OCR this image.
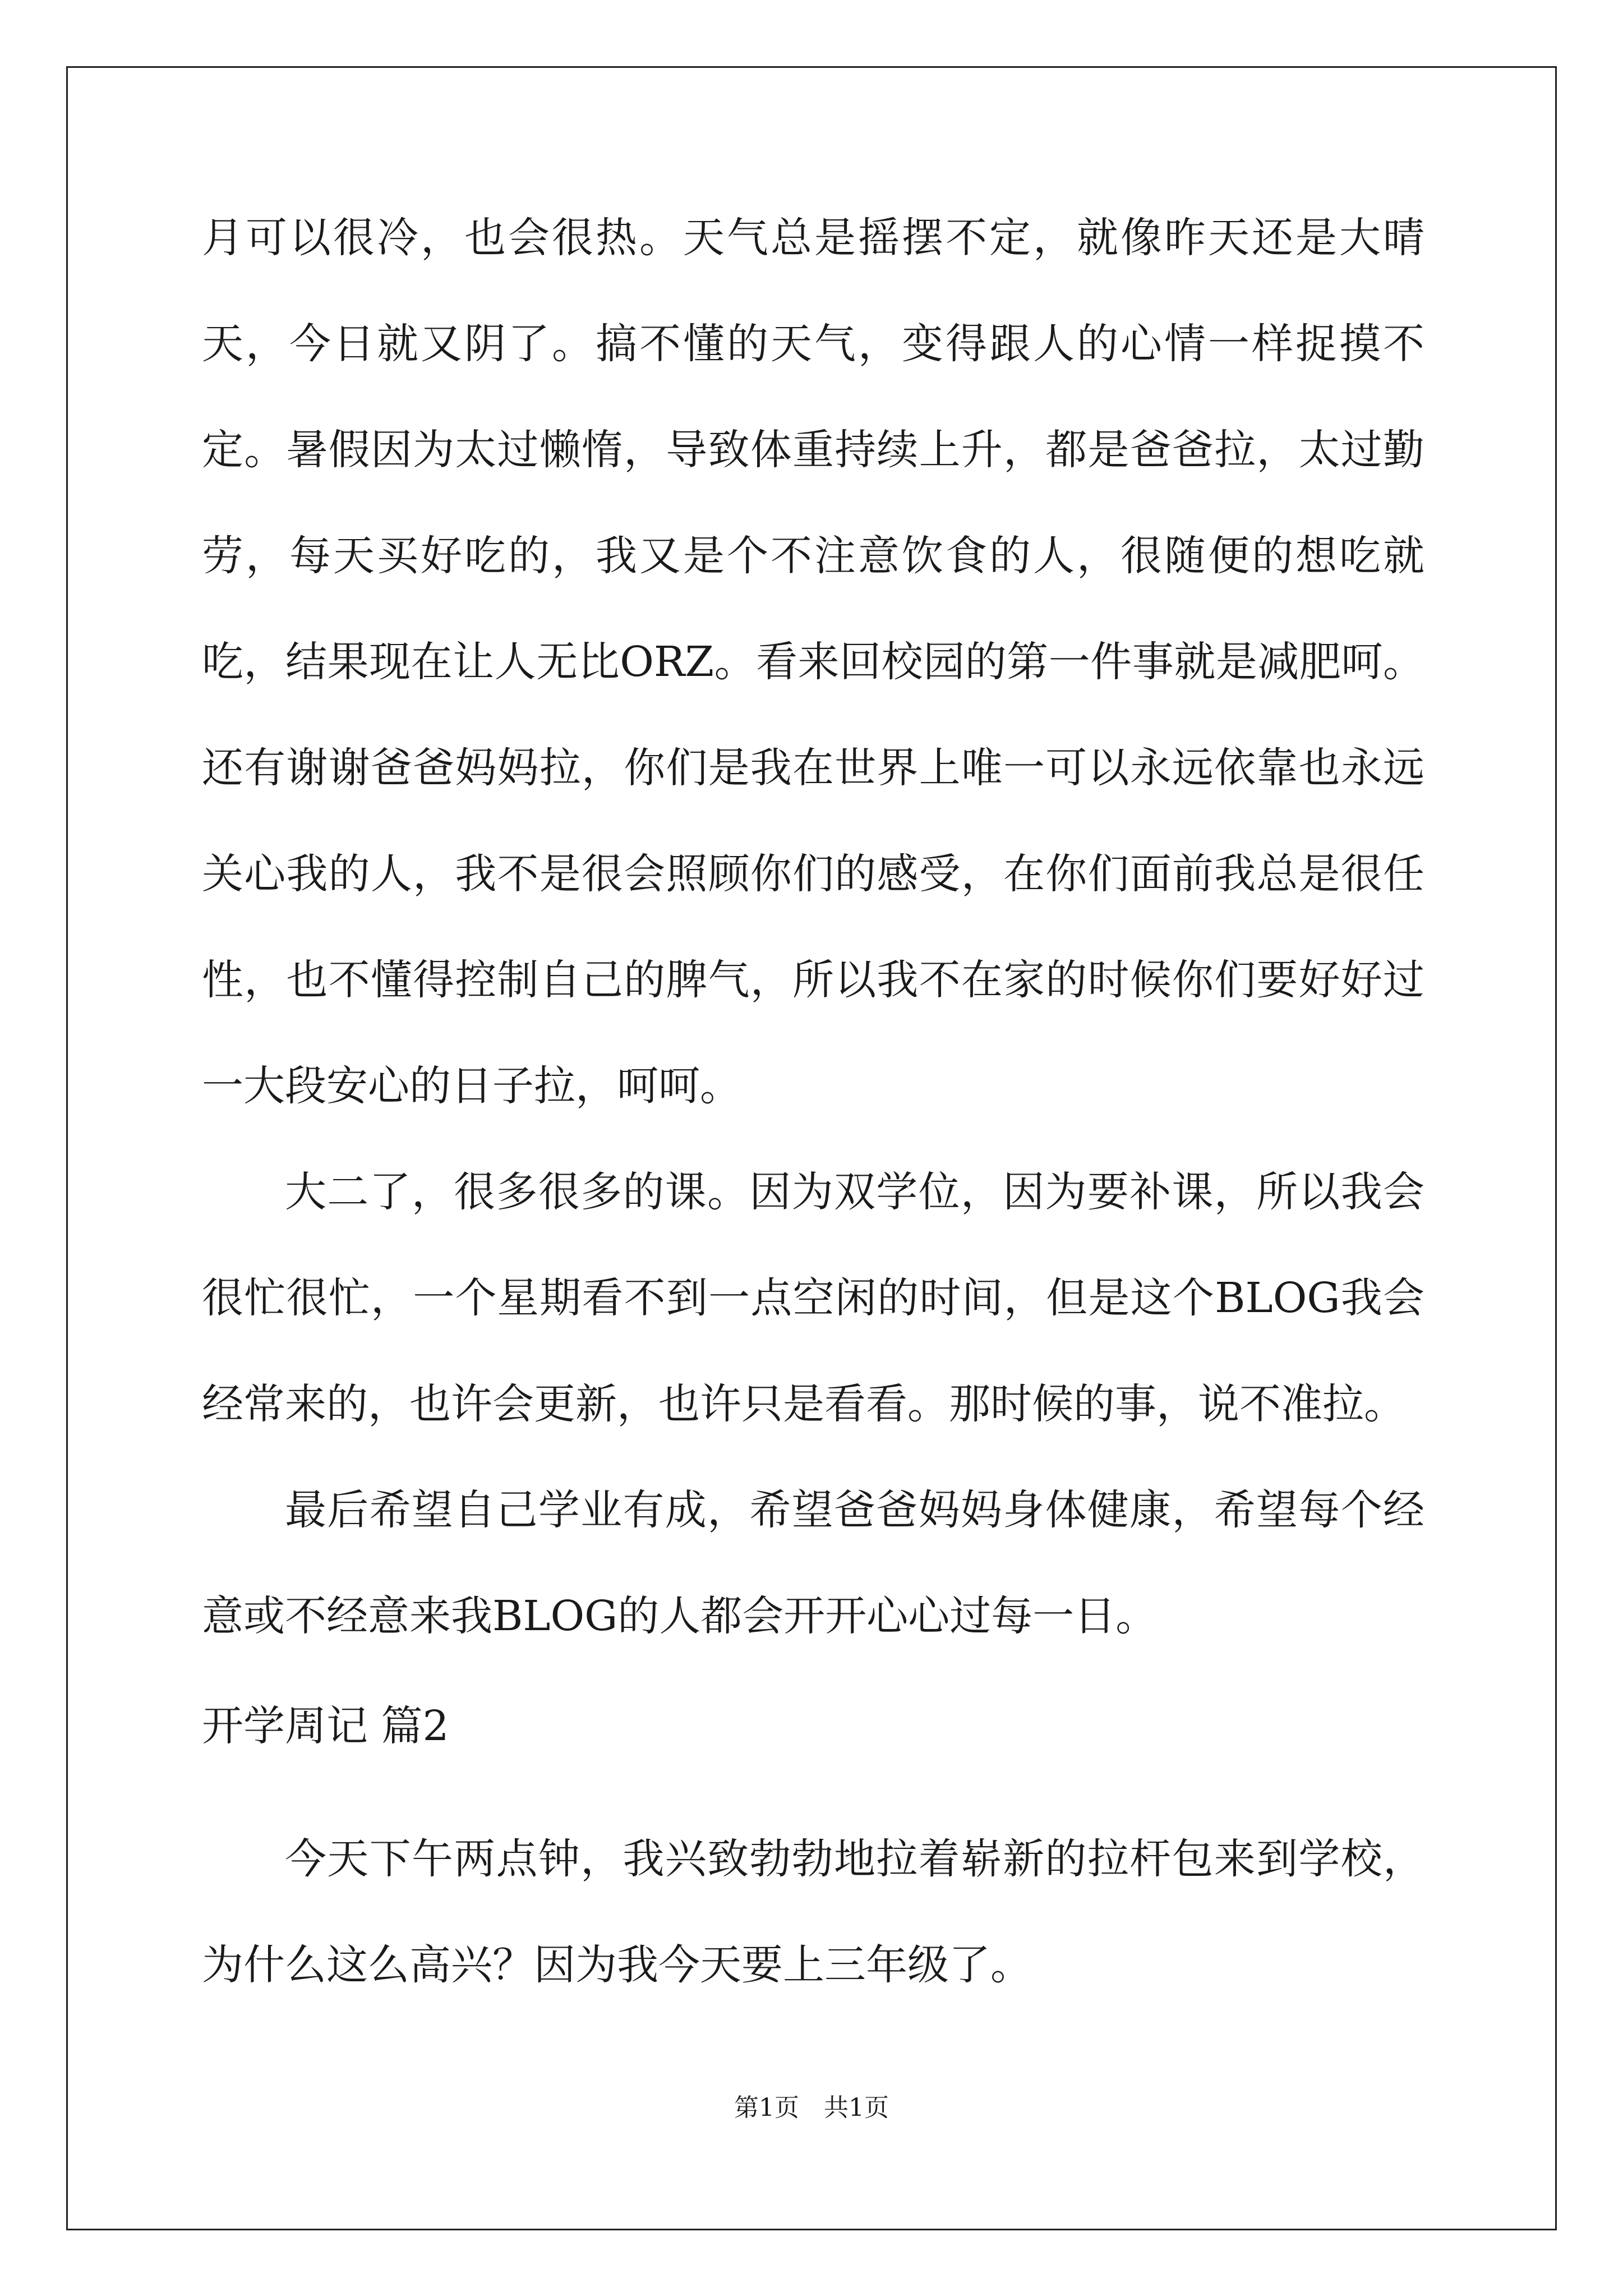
月可以很冷，也会很热。天气总是摇摆不定，就像昨天还是大晴天，今日就又阴了。搞不懂的天气，变得跟人的心情一样捉摸不定。暑假因为太过懒惰，导致体重持续上升，都是爸爸拉，太过勤劳，每天买好吃的，我又是个不注意饮食的人，很随便的想吃就吃，结果现在让人无比ORZ。看来回校园的第一件事就是减肥呵。还有谢谢爸爸妈妈拉，你们是我在世界上唯一可以永远依靠也永远关心我的人，我不是很会照顾你们的感受，在你们面前我总是很任性，也不懂得控制自己的脾气，所以我不在家的时候你们要好好过一大段安心的日子拉，呵呵。

大二了，很多很多的课。因为双学位，因为要补课，所以我会很忙很忙，一个星期看不到一点空闲的时间，但是这个BLOG我会经常来的，也许会更新，也许只是看看。那时候的事，说不准拉。

最后希望自己学业有成，希望爸爸妈妈身体健康，希望每个经意或不经意来我BLOG的人都会开开心心过每一日。

开学周记 篇2

今天下午两点钟，我兴致勃勃地拉着崭新的拉杆包来到学校，为什么这么高兴？因为我今天要上三年级了。

第1页　共1页
